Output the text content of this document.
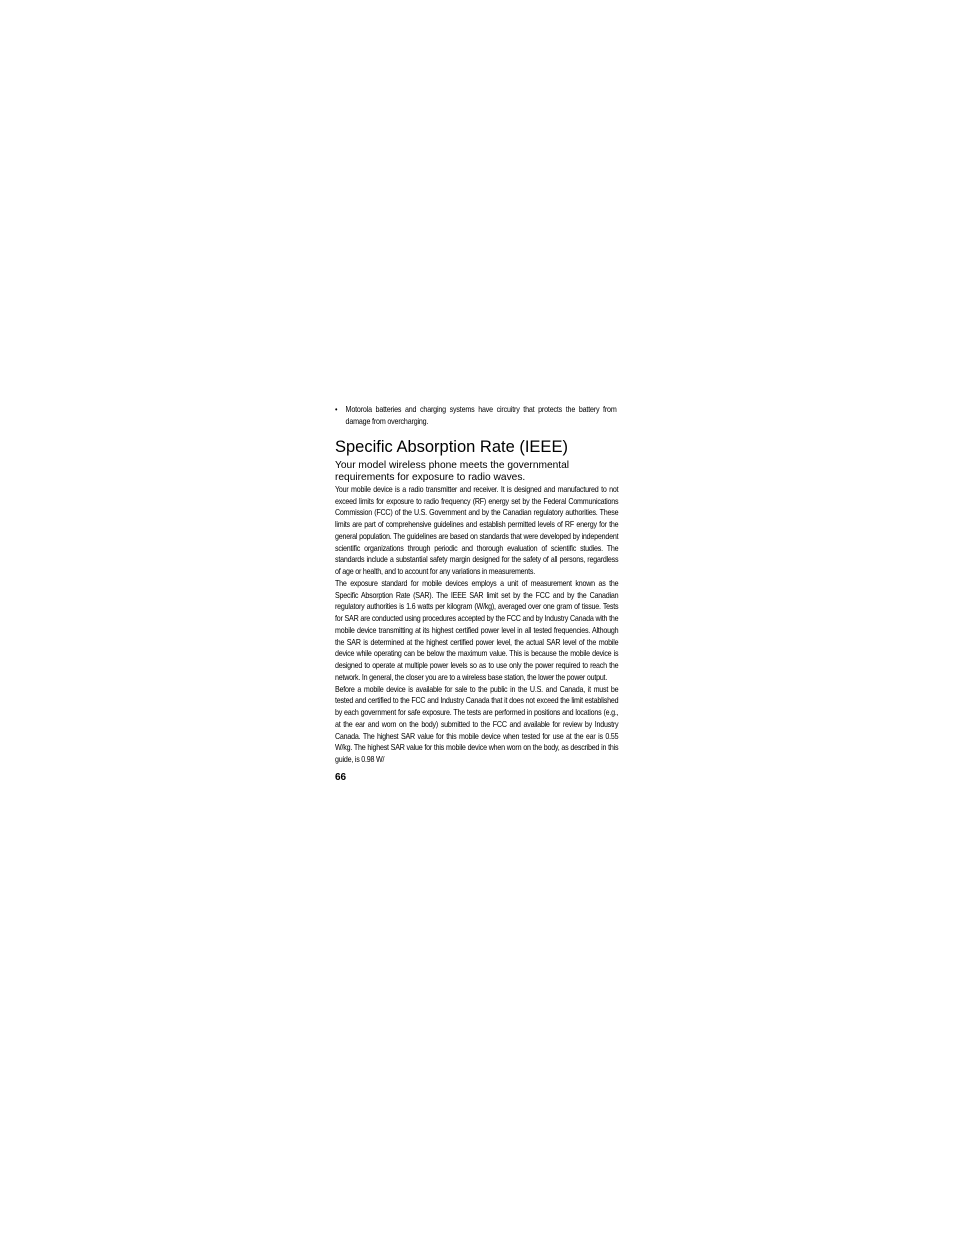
• Motorola batteries and charging systems have circuitry that protects the battery from damage from overcharging.
Specific Absorption Rate (IEEE)
Your model wireless phone meets the governmental requirements for exposure to radio waves.

Your mobile device is a radio transmitter and receiver. It is designed and manufactured to not exceed limits for exposure to radio frequency (RF) energy set by the Federal Communications Commission (FCC) of the U.S. Government and by the Canadian regulatory authorities. These limits are part of comprehensive guidelines and establish permitted levels of RF energy for the general population. The guidelines are based on standards that were developed by independent scientific organizations through periodic and thorough evaluation of scientific studies. The standards include a substantial safety margin designed for the safety of all persons, regardless of age or health, and to account for any variations in measurements.

The exposure standard for mobile devices employs a unit of measurement known as the Specific Absorption Rate (SAR). The IEEE SAR limit set by the FCC and by the Canadian regulatory authorities is 1.6 watts per kilogram (W/kg), averaged over one gram of tissue. Tests for SAR are conducted using procedures accepted by the FCC and by Industry Canada with the mobile device transmitting at its highest certified power level in all tested frequencies. Although the SAR is determined at the highest certified power level, the actual SAR level of the mobile device while operating can be below the maximum value. This is because the mobile device is designed to operate at multiple power levels so as to use only the power required to reach the network. In general, the closer you are to a wireless base station, the lower the power output.

Before a mobile device is available for sale to the public in the U.S. and Canada, it must be tested and certified to the FCC and Industry Canada that it does not exceed the limit established by each government for safe exposure. The tests are performed in positions and locations (e.g., at the ear and worn on the body) submitted to the FCC and available for review by Industry Canada. The highest SAR value for this mobile device when tested for use at the ear is 0.55 W/kg. The highest SAR value for this mobile device when worn on the body, as described in this guide, is 0.98 W/

66
